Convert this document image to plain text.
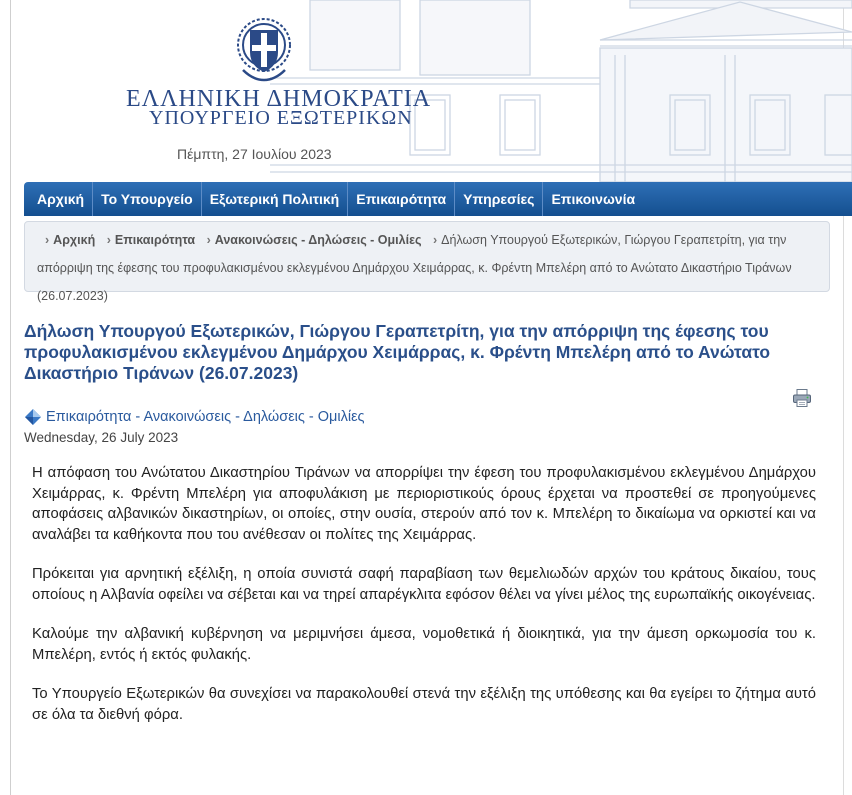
ΕΛΛΗΝΙΚΗ ΔΗΜΟΚΡΑΤΙΑ
ΥΠΟΥΡΓΕΙΟ ΕΞΩΤΕΡΙΚΩΝ
Πέμπτη, 27 Ιουλίου 2023
Αρχική	Το Υπουργείο	Εξωτερική Πολιτική	Επικαιρότητα	Υπηρεσίες	Επικοινωνία
› Αρχική › Επικαιρότητα › Ανακοινώσεις - Δηλώσεις - Ομιλίες › Δήλωση Υπουργού Εξωτερικών, Γιώργου Γεραπετρίτη, για την απόρριψη της έφεσης του προφυλακισμένου εκλεγμένου Δημάρχου Χειμάρρας, κ. Φρέντη Μπελέρη από το Ανώτατο Δικαστήριο Τιράνων (26.07.2023)
Δήλωση Υπουργού Εξωτερικών, Γιώργου Γεραπετρίτη, για την απόρριψη της έφεσης του προφυλακισμένου εκλεγμένου Δημάρχου Χειμάρρας, κ. Φρέντη Μπελέρη από το Ανώτατο Δικαστήριο Τιράνων (26.07.2023)
Επικαιρότητα - Ανακοινώσεις - Δηλώσεις - Ομιλίες
Wednesday, 26 July 2023

Η απόφαση του Ανώτατου Δικαστηρίου Τιράνων να απορρίψει την έφεση του προφυλακισμένου εκλεγμένου Δημάρχου Χειμάρρας, κ. Φρέντη Μπελέρη για αποφυλάκιση με περιοριστικούς όρους έρχεται να προστεθεί σε προηγούμενες αποφάσεις αλβανικών δικαστηρίων, οι οποίες, στην ουσία, στερούν από τον κ. Μπελέρη το δικαίωμα να ορκιστεί και να αναλάβει τα καθήκοντα που του ανέθεσαν οι πολίτες της Χειμάρρας.

Πρόκειται για αρνητική εξέλιξη, η οποία συνιστά σαφή παραβίαση των θεμελιωδών αρχών του κράτους δικαίου, τους οποίους η Αλβανία οφείλει να σέβεται και να τηρεί απαρέγκλιτα εφόσον θέλει να γίνει μέλος της ευρωπαϊκής οικογένειας.

Καλούμε την αλβανική κυβέρνηση να μεριμνήσει άμεσα, νομοθετικά ή διοικητικά, για την άμεση ορκωμοσία του κ. Μπελέρη, εντός ή εκτός φυλακής.

Το Υπουργείο Εξωτερικών θα συνεχίσει να παρακολουθεί στενά την εξέλιξη της υπόθεσης και θα εγείρει το ζήτημα αυτό σε όλα τα διεθνή φόρα.
